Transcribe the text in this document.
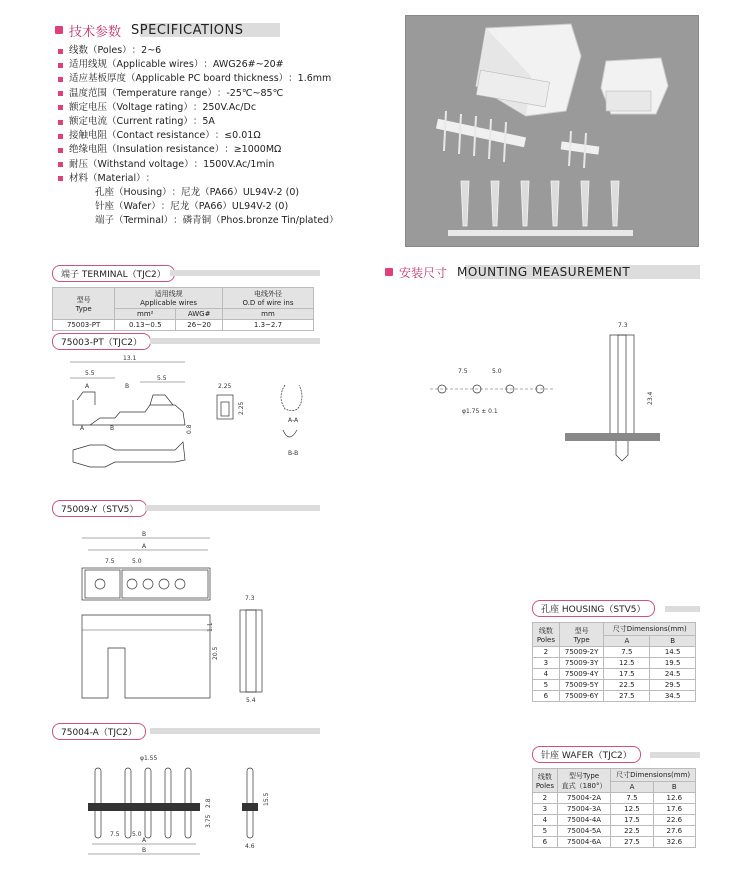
技术参数 SPECIFICATIONS
线数 （Poles） ：2~6
适用线规 （Applicable wires） ：AWG26#~20#
适应基板厚度 （Applicable PC board thickness） ：1.6mm
温度范围 （Temperature range） ：-25℃~85℃
额定电压 （Voltage rating） ：250V.Ac/Dc
额定电流 （Current rating） ：5A
接触电阻 （Contact resistance） ：≤0.01Ω
绝缘电阻 （Insulation resistance） ：≥1000MΩ
耐压 （Withstand voltage） ：1500V.Ac/1min
材料 （Material） ：
孔座 （Housing） ：尼龙（PA66）UL94V-2 (0)
针座 （Wafer） ：尼龙（PA66）UL94V-2 (0)
端子 （Terminal） ：磷青铜（Phos.bronze Tin/plated）
端子 TERMINAL（TJC2）
型号
Type	适用线规
Applicable wires		电线外径
O.D of wire ins
	mm²	AWG#	mm
75003-PT	0.13~0.5	26~20	1.3~2.7
75003-PT（TJC2）
13.1
5.5
5.5
A	B
A	B	0.8
2.25
2.25
A-A
B-B
75009-Y（STV5）
B
A
7.5	5.0
1.1
20.5
7.3
5.4
75004-A（TJC2）
φ1.55
7.5 5.0
A
B
3.75
2.8	15.5
4.6
安装尺寸 MOUNTING MEASUREMENT
7.5	5.0
φ1.75 ± 0.1
7.3
23.4
孔座 HOUSING（STV5）
线数
Poles	型号
Type	尺寸Dimensions(mm)	
		A	B
2	75009-2Y	7.5	14.5
3	75009-3Y	12.5	19.5
4	75009-4Y	17.5	24.5
5	75009-5Y	22.5	29.5
6	75009-6Y	27.5	34.5
针座 WAFER（TJC2）
线数
Poles	型号Type
直式（180°）	尺寸Dimensions(mm)	
		A	B
2	75004-2A	7.5	12.6
3	75004-3A	12.5	17.6
4	75004-4A	17.5	22.6
5	75004-5A	22.5	27.6
6	75004-6A	27.5	32.6
